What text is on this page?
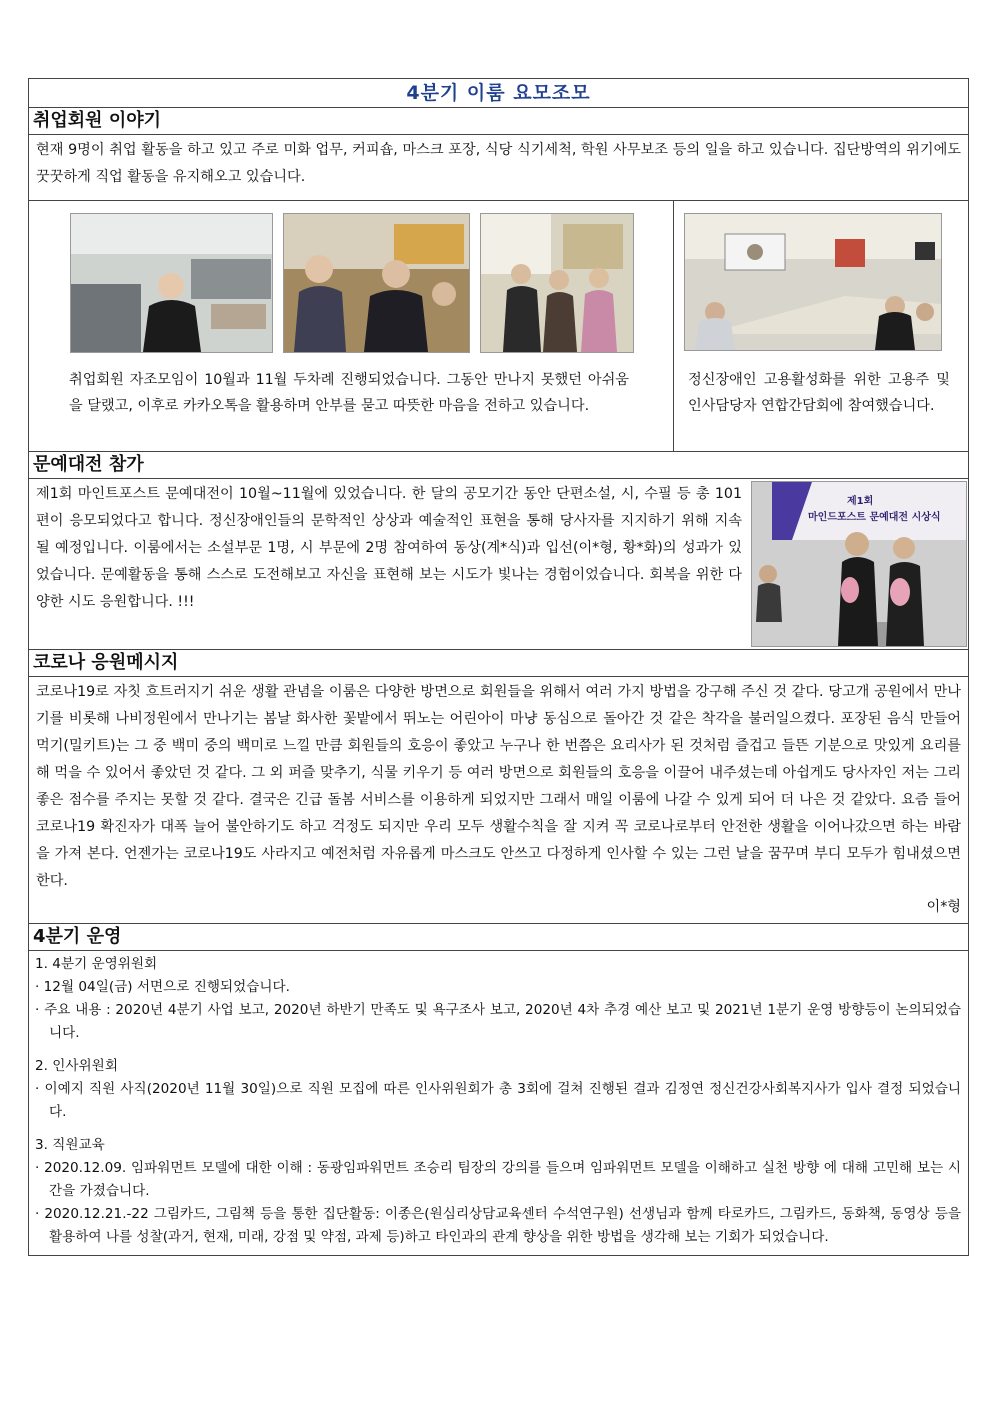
4분기 이룸 요모조모
취업회원 이야기
현재 9명이 취업 활동을 하고 있고 주로 미화 업무, 커피숍, 마스크 포장, 식당 식기세척, 학원 사무보조 등의 일을 하고 있습니다. 집단방역의 위기에도 꿋꿋하게 직업 활동을 유지해오고 있습니다.
취업회원 자조모임이 10월과 11월 두차례 진행되었습니다. 그동안 만나지 못했던 아쉬움을 달랬고, 이후로 카카오톡을 활용하며 안부를 묻고 따뜻한 마음을 전하고 있습니다.
정신장애인 고용활성화를 위한 고용주 및 인사담당자 연합간담회에 참여했습니다.
문예대전 참가
제1회 마인트포스트 문예대전이 10월~11월에 있었습니다. 한 달의 공모기간 동안 단편소설, 시, 수필 등 총 101편이 응모되었다고 합니다. 정신장애인들의 문학적인 상상과 예술적인 표현을 통해 당사자를 지지하기 위해 지속 될 예정입니다. 이룸에서는 소설부문 1명, 시 부문에 2명 참여하여 동상(계*식)과 입선(이*형, 황*화)의 성과가 있었습니다. 문예활동을 통해 스스로 도전해보고 자신을 표현해 보는 시도가 빛나는 경험이었습니다. 회복을 위한 다양한 시도 응원합니다. !!!
제1회
마인드포스트 문예대전 시상식
코로나 응원메시지
코로나19로 자칫 흐트러지기 쉬운 생활 관념을 이룸은 다양한 방면으로 회원들을 위해서 여러 가지 방법을 강구해 주신 것 같다. 당고개 공원에서 만나기를 비롯해 나비정원에서 만나기는 봄날 화사한 꽃밭에서 뛰노는 어린아이 마냥 동심으로 돌아간 것 같은 착각을 불러일으켰다. 포장된 음식 만들어 먹기(밀키트)는 그 중 백미 중의 백미로 느낄 만큼 회원들의 호응이 좋았고 누구나 한 번쯤은 요리사가 된 것처럼 즐겁고 들뜬 기분으로 맛있게 요리를 해 먹을 수 있어서 좋았던 것 같다. 그 외 퍼즐 맞추기, 식물 키우기 등 여러 방면으로 회원들의 호응을 이끌어 내주셨는데 아쉽게도 당사자인 저는 그리 좋은 점수를 주지는 못할 것 같다. 결국은 긴급 돌봄 서비스를 이용하게 되었지만 그래서 매일 이룸에 나갈 수 있게 되어 더 나은 것 같았다. 요즘 들어 코로나19 확진자가 대폭 늘어 불안하기도 하고 걱정도 되지만 우리 모두 생활수칙을 잘 지켜 꼭 코로나로부터 안전한 생활을 이어나갔으면 하는 바람을 가져 본다. 언젠가는 코로나19도 사라지고 예전처럼 자유롭게 마스크도 안쓰고 다정하게 인사할 수 있는 그런 날을 꿈꾸며 부디 모두가 힘내셨으면 한다.
이*형
4분기 운영
1. 4분기 운영위원회
· 12월 04일(금) 서면으로 진행되었습니다.
· 주요 내용 : 2020년 4분기 사업 보고, 2020년 하반기 만족도 및 욕구조사 보고, 2020년 4차 추경 예산 보고 및 2021년 1분기 운영 방향등이 논의되었습니다.
2. 인사위원회
· 이예지 직원 사직(2020년 11월 30일)으로 직원 모집에 따른 인사위원회가 총 3회에 걸쳐 진행된 결과 김정연 정신건강사회복지사가 입사 결정 되었습니다.
3. 직원교육
· 2020.12.09. 임파워먼트 모델에 대한 이해 : 동광임파워먼트 조승리 팀장의 강의를 들으며 임파워먼트 모델을 이해하고 실천 방향 에 대해 고민해 보는 시간을 가졌습니다.
· 2020.12.21.-22 그림카드, 그림책 등을 통한 집단활동: 이종은(원심리상담교육센터 수석연구원) 선생님과 함께 타로카드, 그림카드, 동화책, 동영상 등을 활용하여 나를 성찰(과거, 현재, 미래, 강점 및 약점, 과제 등)하고 타인과의 관계 향상을 위한 방법을 생각해 보는 기회가 되었습니다.
